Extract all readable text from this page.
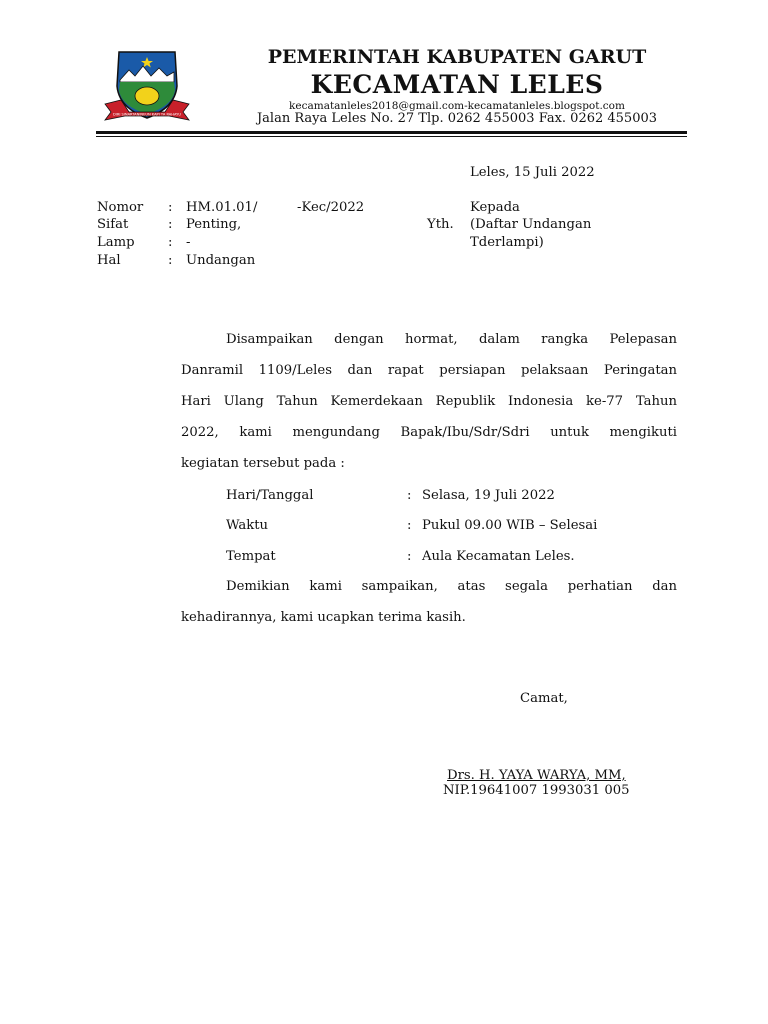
DIRI SINARTANINEUN KAPI TA RAHAYU
PEMERINTAH KABUPATEN GARUT
KECAMATAN LELES
kecamatanleles2018@gmail.com-kecamatanleles.blogspot.com
Jalan Raya Leles No. 27 Tlp. 0262 455003 Fax. 0262 455003
Leles, 15 Juli 2022
Nomor : HM.01.01/	-Kec/2022
Sifat	: Penting,
Lamp	: -
Hal	: Undangan
Yth.
Kepada
(Daftar Undangan
Tderlampi)
Disampaikan dengan hormat, dalam rangka Pelepasan
Danramil 1109/Leles dan rapat persiapan pelaksaan Peringatan
Hari Ulang Tahun Kemerdekaan Republik Indonesia ke-77 Tahun
2022, kami mengundang Bapak/Ibu/Sdr/Sdri untuk mengikuti
kegiatan tersebut pada :
Hari/Tanggal	: Selasa, 19 Juli 2022
Waktu	: Pukul 09.00 WIB – Selesai
Tempat	: Aula Kecamatan Leles.
Demikian kami sampaikan, atas segala perhatian dan
kehadirannya, kami ucapkan terima kasih.
Camat,
Drs. H. YAYA WARYA, MM,
NIP.19641007 1993031 005
